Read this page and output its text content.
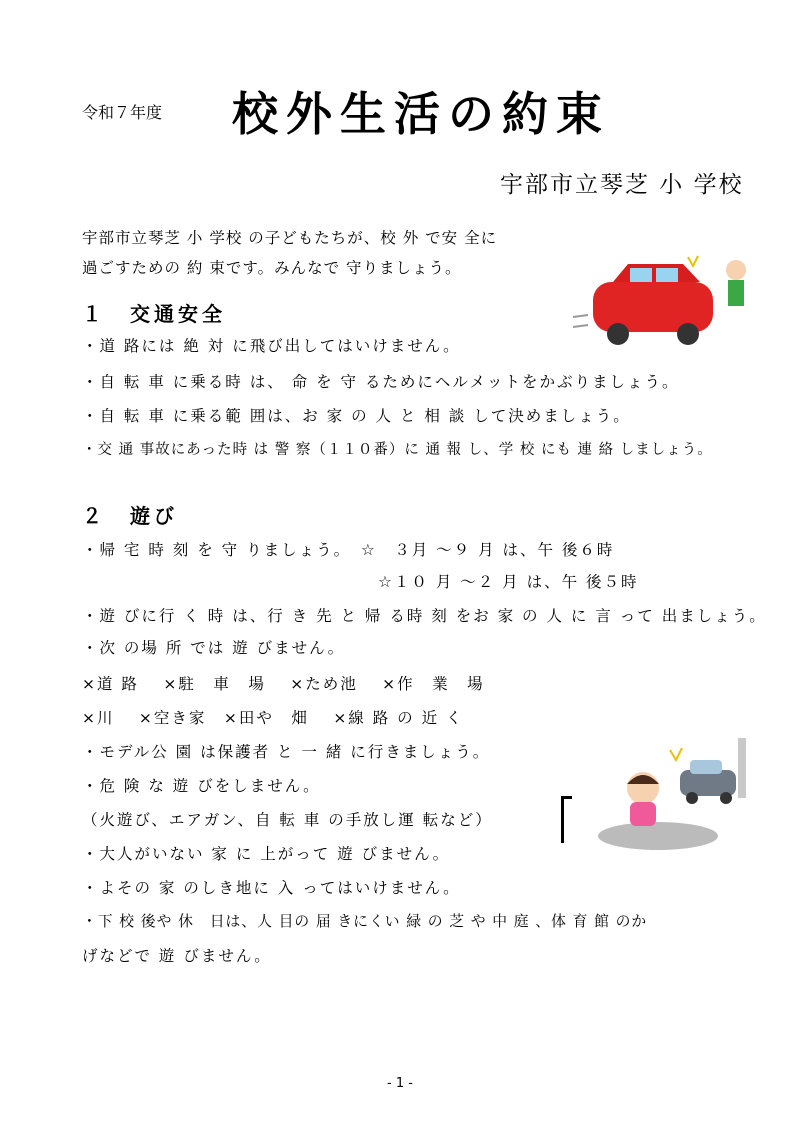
令和７年度 校外生活の約束
宇部市立琴芝 小 学校
宇部市立琴芝 小 学校 の子どもたちが、校 外 で安 全に
過ごすための 約 束です。みんなで 守りましょう。
１　交通安全
・道 路には 絶 対 に飛び出してはいけません。
・自 転 車 に乗る時 は、 命 を 守 るためにヘルメットをかぶりましょう。
・自 転 車 に乗る範 囲は、お 家 の 人 と 相 談 して決めましょう。
・交 通 事故にあった時 は 警 察（１１０番）に 通 報 し、学 校 にも 連 絡 しましょう。
２　遊び
・帰 宅 時 刻 を 守 りましょう。　☆　３月 ～９ 月 は、午 後６時
☆１０ 月 ～２ 月 は、午 後５時
・遊 びに行 く 時 は、行 き 先 と 帰 る時 刻 をお 家 の 人 に 言 って 出ましょう。
・次 の場 所 では 遊 びません。
×道 路 　×駐　車　場　 ×ため池 　×作　業　場
×川　 ×空き家　×田や　畑　 ×線 路 の 近 く
・モデル公 園 は保護者 と 一 緒 に行きましょう。
・危 険 な 遊 びをしません。
（火遊び、エアガン、自 転 車 の手放し運 転など）
・大人がいない 家 に 上がって 遊 びません。
・よその 家 のしき地に 入 ってはいけません。
・下 校 後や 休　日は、人 目の 届 きにくい 緑 の 芝 や 中 庭 、体 育 館 のか
げなどで 遊 びません。
- 1 -
